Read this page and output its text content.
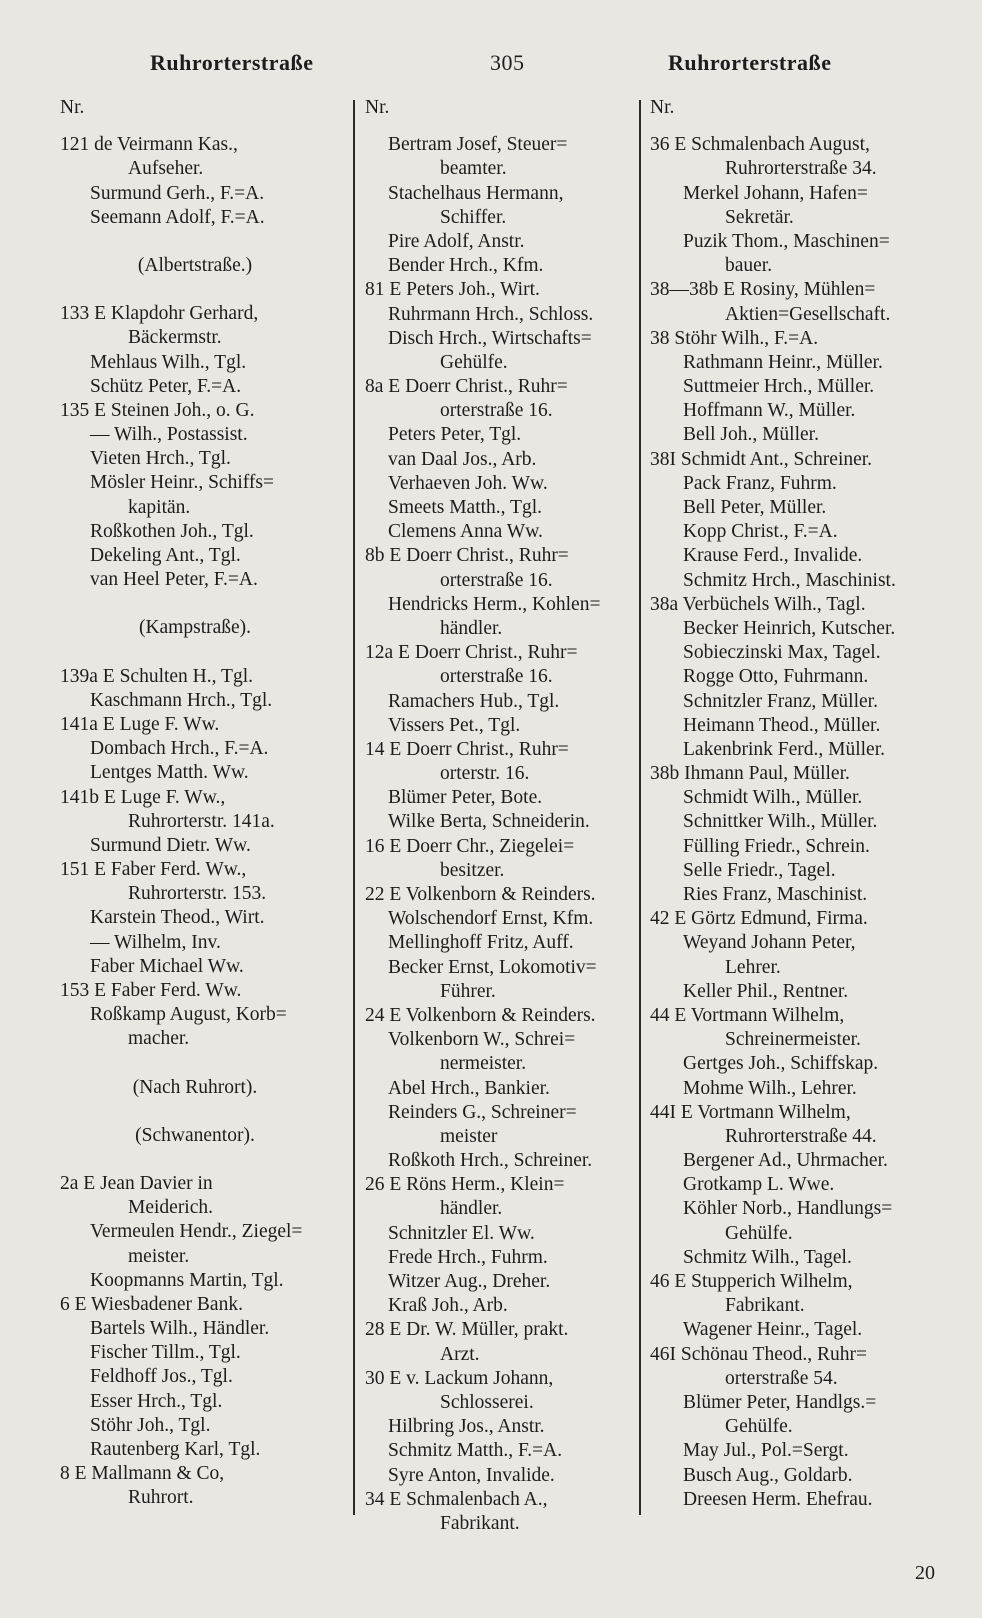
Ruhrorterstraße	305	Ruhrorterstraße
Nr.
121 de Veirmann Kas.,
Aufseher.
Surmund Gerh., F.=A.
Seemann Adolf, F.=A.
(Albertstraße.)
133 E Klapdohr Gerhard,
Bäckermstr.
Mehlaus Wilh., Tgl.
Schütz Peter, F.=A.
135 E Steinen Joh., o. G.
— Wilh., Postassist.
Vieten Hrch., Tgl.
Mösler Heinr., Schiffs=
kapitän.
Roßkothen Joh., Tgl.
Dekeling Ant., Tgl.
van Heel Peter, F.=A.
(Kampstraße).
139a E Schulten H., Tgl.
Kaschmann Hrch., Tgl.
141a E Luge F. Ww.
Dombach Hrch., F.=A.
Lentges Matth. Ww.
141b E Luge F. Ww.,
Ruhrorterstr. 141a.
Surmund Dietr. Ww.
151 E Faber Ferd. Ww.,
Ruhrorterstr. 153.
Karstein Theod., Wirt.
— Wilhelm, Inv.
Faber Michael Ww.
153 E Faber Ferd. Ww.
Roßkamp August, Korb=
macher.
(Nach Ruhrort).
(Schwanentor).
2a E Jean Davier in
Meiderich.
Vermeulen Hendr., Ziegel=
meister.
Koopmanns Martin, Tgl.
6 E Wiesbadener Bank.
Bartels Wilh., Händler.
Fischer Tillm., Tgl.
Feldhoff Jos., Tgl.
Esser Hrch., Tgl.
Stöhr Joh., Tgl.
Rautenberg Karl, Tgl.
8 E Mallmann & Co,
Ruhrort.
Nr.
Bertram Josef, Steuer=
beamter.
Stachelhaus Hermann,
Schiffer.
Pire Adolf, Anstr.
Bender Hrch., Kfm.
81 E Peters Joh., Wirt.
Ruhrmann Hrch., Schloss.
Disch Hrch., Wirtschafts=
Gehülfe.
8a E Doerr Christ., Ruhr=
orterstraße 16.
Peters Peter, Tgl.
van Daal Jos., Arb.
Verhaeven Joh. Ww.
Smeets Matth., Tgl.
Clemens Anna Ww.
8b E Doerr Christ., Ruhr=
orterstraße 16.
Hendricks Herm., Kohlen=
händler.
12a E Doerr Christ., Ruhr=
orterstraße 16.
Ramachers Hub., Tgl.
Vissers Pet., Tgl.
14 E Doerr Christ., Ruhr=
orterstr. 16.
Blümer Peter, Bote.
Wilke Berta, Schneiderin.
16 E Doerr Chr., Ziegelei=
besitzer.
22 E Volkenborn & Reinders.
Wolschendorf Ernst, Kfm.
Mellinghoff Fritz, Auff.
Becker Ernst, Lokomotiv=
Führer.
24 E Volkenborn & Reinders.
Volkenborn W., Schrei=
nermeister.
Abel Hrch., Bankier.
Reinders G., Schreiner=
meister
Roßkoth Hrch., Schreiner.
26 E Röns Herm., Klein=
händler.
Schnitzler El. Ww.
Frede Hrch., Fuhrm.
Witzer Aug., Dreher.
Kraß Joh., Arb.
28 E Dr. W. Müller, prakt.
Arzt.
30 E v. Lackum Johann,
Schlosserei.
Hilbring Jos., Anstr.
Schmitz Matth., F.=A.
Syre Anton, Invalide.
34 E Schmalenbach A.,
Fabrikant.
Nr.
36 E Schmalenbach August,
Ruhrorterstraße 34.
Merkel Johann, Hafen=
Sekretär.
Puzik Thom., Maschinen=
bauer.
38—38b E Rosiny, Mühlen=
Aktien=Gesellschaft.
38 Stöhr Wilh., F.=A.
Rathmann Heinr., Müller.
Suttmeier Hrch., Müller.
Hoffmann W., Müller.
Bell Joh., Müller.
38I Schmidt Ant., Schreiner.
Pack Franz, Fuhrm.
Bell Peter, Müller.
Kopp Christ., F.=A.
Krause Ferd., Invalide.
Schmitz Hrch., Maschinist.
38a Verbüchels Wilh., Tagl.
Becker Heinrich, Kutscher.
Sobieczinski Max, Tagel.
Rogge Otto, Fuhrmann.
Schnitzler Franz, Müller.
Heimann Theod., Müller.
Lakenbrink Ferd., Müller.
38b Ihmann Paul, Müller.
Schmidt Wilh., Müller.
Schnittker Wilh., Müller.
Fülling Friedr., Schrein.
Selle Friedr., Tagel.
Ries Franz, Maschinist.
42 E Görtz Edmund, Firma.
Weyand Johann Peter,
Lehrer.
Keller Phil., Rentner.
44 E Vortmann Wilhelm,
Schreinermeister.
Gertges Joh., Schiffskap.
Mohme Wilh., Lehrer.
44I E Vortmann Wilhelm,
Ruhrorterstraße 44.
Bergener Ad., Uhrmacher.
Grotkamp L. Wwe.
Köhler Norb., Handlungs=
Gehülfe.
Schmitz Wilh., Tagel.
46 E Stupperich Wilhelm,
Fabrikant.
Wagener Heinr., Tagel.
46I Schönau Theod., Ruhr=
orterstraße 54.
Blümer Peter, Handlgs.=
Gehülfe.
May Jul., Pol.=Sergt.
Busch Aug., Goldarb.
Dreesen Herm. Ehefrau.
20
